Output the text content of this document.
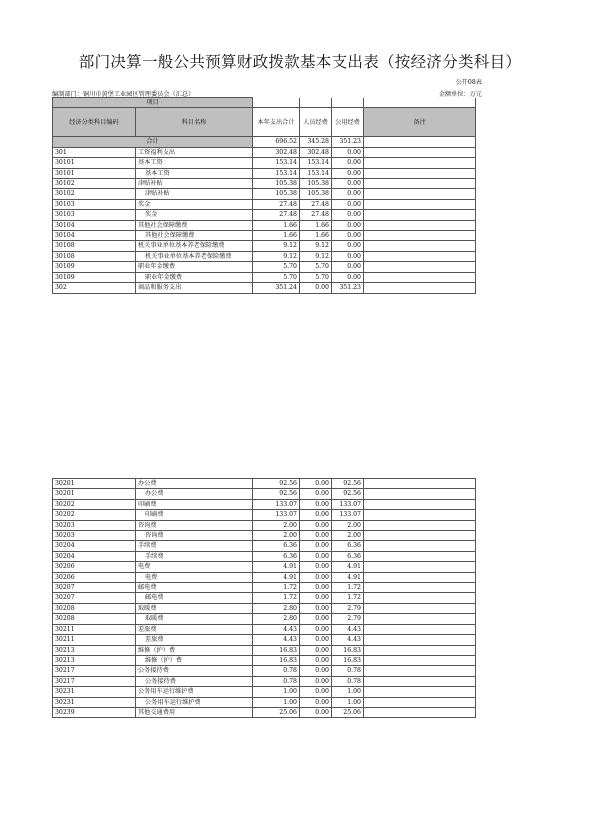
部门决算一般公共预算财政拨款基本支出表（按经济分类科目）
公开08表
编制部门：铜川市黄堡工业园区管理委员会（汇总）	金额单位：万元
项目					
经济分类科目编码	科目名称	本年支出合计	人员经费	公用经费	备注
合计		696.52	345.28	351.23	
301	工资福利支出	302.48	302.48	0.00	
30101	基本工资	153.14	153.14	0.00	
30101	基本工资	153.14	153.14	0.00	
30102	津贴补贴	105.38	105.38	0.00	
30102	津贴补贴	105.38	105.38	0.00	
30103	奖金	27.48	27.48	0.00	
30103	奖金	27.48	27.48	0.00	
30104	其他社会保障缴费	1.66	1.66	0.00	
30104	其他社会保障缴费	1.66	1.66	0.00	
30108	机关事业单位基本养老保险缴费	9.12	9.12	0.00	
30108	机关事业单位基本养老保险缴费	9.12	9.12	0.00	
30109	职业年金缴费	5.70	5.70	0.00	
30109	职业年金缴费	5.70	5.70	0.00	
302	商品和服务支出	351.24	0.00	351.23	
30201	办公费	92.56	0.00	92.56	
30201	办公费	92.56	0.00	92.56	
30202	印刷费	133.07	0.00	133.07	
30202	印刷费	133.07	0.00	133.07	
30203	咨询费	2.00	0.00	2.00	
30203	咨询费	2.00	0.00	2.00	
30204	手续费	6.36	0.00	6.36	
30204	手续费	6.36	0.00	6.36	
30206	电费	4.91	0.00	4.91	
30206	电费	4.91	0.00	4.91	
30207	邮电费	1.72	0.00	1.72	
30207	邮电费	1.72	0.00	1.72	
30208	取暖费	2.80	0.00	2.79	
30208	取暖费	2.80	0.00	2.79	
30211	差旅费	4.43	0.00	4.43	
30211	差旅费	4.43	0.00	4.43	
30213	维修（护）费	16.83	0.00	16.83	
30213	维修（护）费	16.83	0.00	16.83	
30217	公务接待费	0.78	0.00	0.78	
30217	公务接待费	0.78	0.00	0.78	
30231	公务用车运行维护费	1.00	0.00	1.00	
30231	公务用车运行维护费	1.00	0.00	1.00	
30239	其他交通费用	25.06	0.00	25.06	
